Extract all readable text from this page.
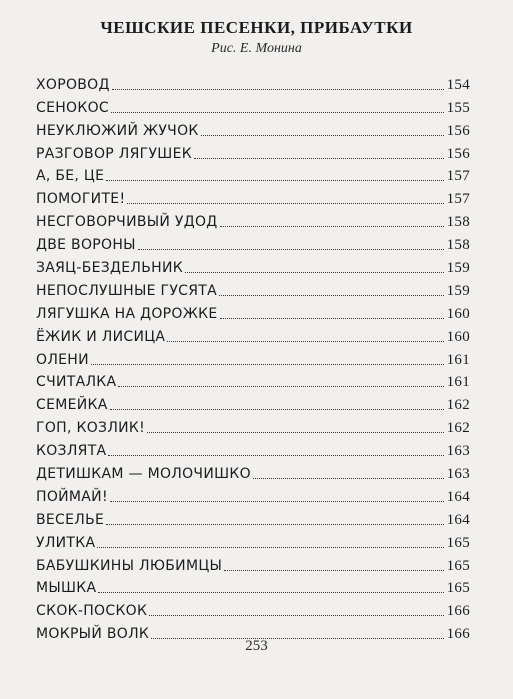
ЧЕШСКИЕ ПЕСЕНКИ, ПРИБАУТКИ
Рис. Е. Монина
ХОРОВОД	154
СЕНОКОС	155
НЕУКЛЮЖИЙ ЖУЧОК	156
РАЗГОВОР ЛЯГУШЕК	156
А, БЕ, ЦЕ	157
ПОМОГИТЕ!	157
НЕСГОВОРЧИВЫЙ УДОД	158
ДВЕ ВОРОНЫ	158
ЗАЯЦ-БЕЗДЕЛЬНИК	159
НЕПОСЛУШНЫЕ ГУСЯТА	159
ЛЯГУШКА НА ДОРОЖКЕ	160
ЁЖИК И ЛИСИЦА	160
ОЛЕНИ	161
СЧИТАЛКА	161
СЕМЕЙКА	162
ГОП, КОЗЛИК!	162
КОЗЛЯТА	163
ДЕТИШКАМ — МОЛОЧИШКО	163
ПОЙМАЙ!	164
ВЕСЕЛЬЕ	164
УЛИТКА	165
БАБУШКИНЫ ЛЮБИМЦЫ	165
МЫШКА	165
СКОК-ПОСКОК	166
МОКРЫЙ ВОЛК	166
253
